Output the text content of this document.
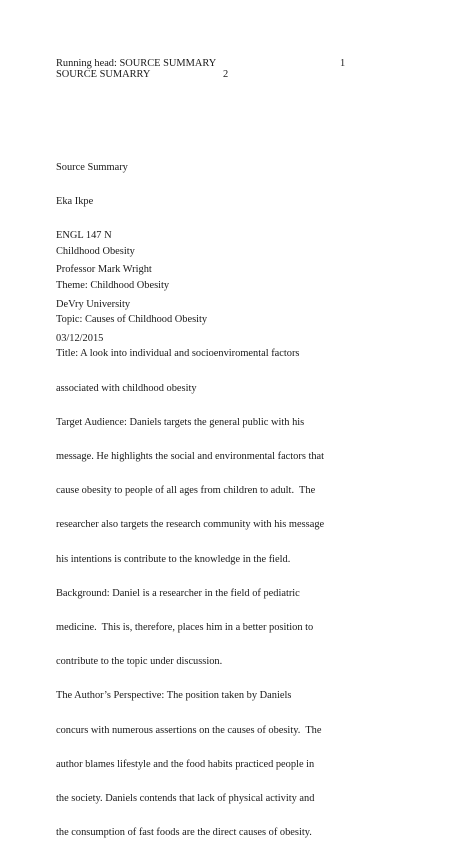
Running head: SOURCE SUMMARY	1
SOURCE SUMARRY	2

Source Summary

Eka Ikpe

ENGL 147 N

Professor Mark Wright

DeVry University

03/12/2015

Childhood Obesity

Theme: Childhood Obesity

Topic: Causes of Childhood Obesity

Title: A look into individual and socioenviromental factors

associated with childhood obesity

Target Audience: Daniels targets the general public with his

message. He highlights the social and environmental factors that

cause obesity to people of all ages from children to adult.  The

researcher also targets the research community with his message

his intentions is contribute to the knowledge in the field.

Background: Daniel is a researcher in the field of pediatric

medicine.  This is, therefore, places him in a better position to

contribute to the topic under discussion.

The Author’s Perspective: The position taken by Daniels

concurs with numerous assertions on the causes of obesity.  The

author blames lifestyle and the food habits practiced people in

the society. Daniels contends that lack of physical activity and

the consumption of fast foods are the direct causes of obesity.
